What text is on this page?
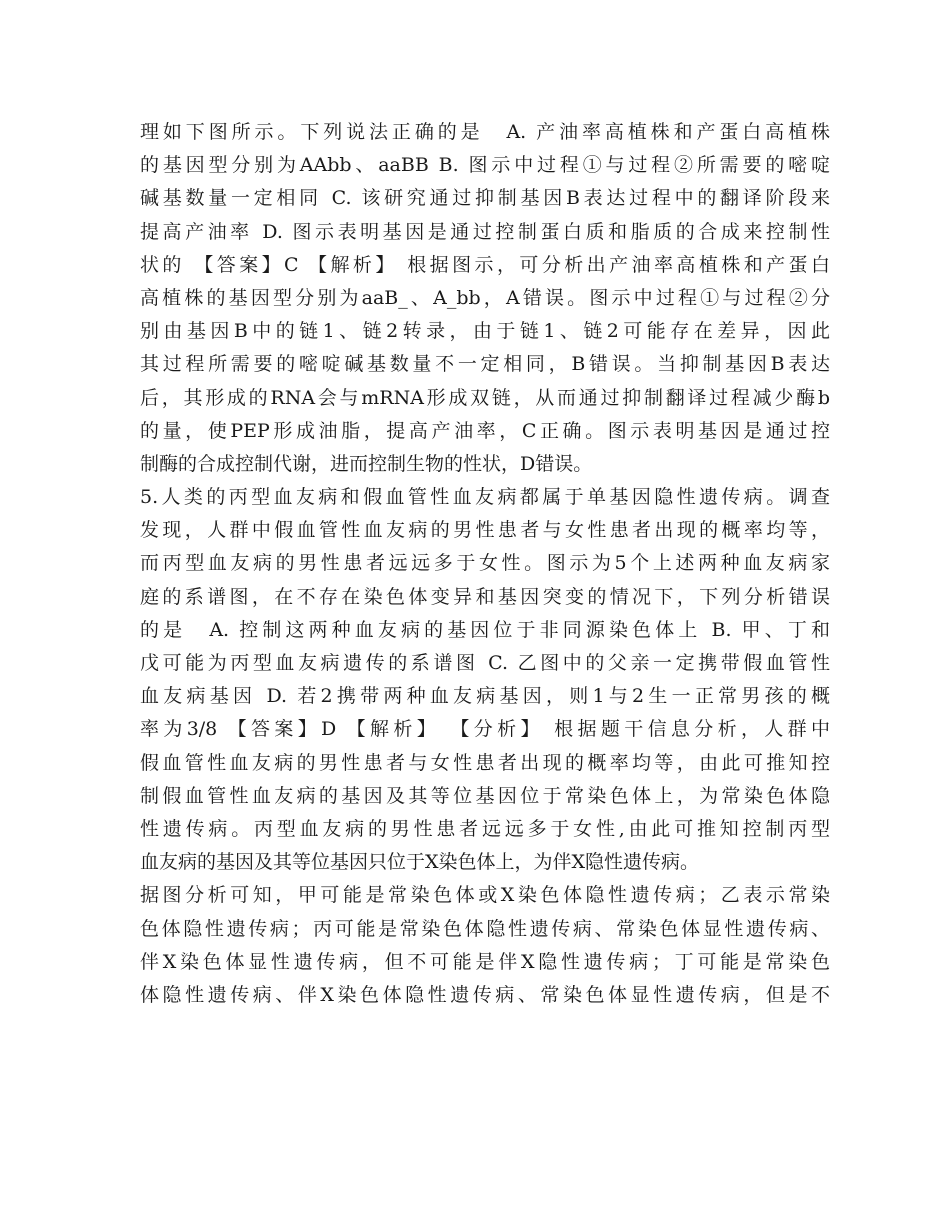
理如下图所示。下列说法正确的是　A. 产油率高植株和产蛋白高植株
的基因型分别为AAbb、aaBB B. 图示中过程①与过程②所需要的嘧啶
碱基数量一定相同 C. 该研究通过抑制基因B表达过程中的翻译阶段来
提高产油率 D. 图示表明基因是通过控制蛋白质和脂质的合成来控制性
状的 【答案】C 【解析】 根据图示，可分析出产油率高植株和产蛋白
高植株的基因型分别为aaB_、A_bb，A错误。图示中过程①与过程②分
别由基因B中的链1、链2转录，由于链1、链2可能存在差异，因此
其过程所需要的嘧啶碱基数量不一定相同，B错误。当抑制基因B表达
后，其形成的RNA会与mRNA形成双链，从而通过抑制翻译过程减少酶b
的量，使PEP形成油脂，提高产油率，C正确。图示表明基因是通过控
制酶的合成控制代谢，进而控制生物的性状，D错误。
5.人类的丙型血友病和假血管性血友病都属于单基因隐性遗传病。调查
发现，人群中假血管性血友病的男性患者与女性患者出现的概率均等，
而丙型血友病的男性患者远远多于女性。图示为5个上述两种血友病家
庭的系谱图，在不存在染色体变异和基因突变的情况下，下列分析错误
的是　A. 控制这两种血友病的基因位于非同源染色体上 B. 甲、丁和
戊可能为丙型血友病遗传的系谱图 C. 乙图中的父亲一定携带假血管性
血友病基因 D. 若2携带两种血友病基因，则1与2生一正常男孩的概
率为3/8 【答案】D 【解析】 【分析】 根据题干信息分析，人群中
假血管性血友病的男性患者与女性患者出现的概率均等，由此可推知控
制假血管性血友病的基因及其等位基因位于常染色体上，为常染色体隐
性遗传病。丙型血友病的男性患者远远多于女性,由此可推知控制丙型
血友病的基因及其等位基因只位于X染色体上，为伴X隐性遗传病。
据图分析可知，甲可能是常染色体或X染色体隐性遗传病；乙表示常染
色体隐性遗传病；丙可能是常染色体隐性遗传病、常染色体显性遗传病、
伴X染色体显性遗传病，但不可能是伴X隐性遗传病；丁可能是常染色
体隐性遗传病、伴X染色体隐性遗传病、常染色体显性遗传病，但是不
